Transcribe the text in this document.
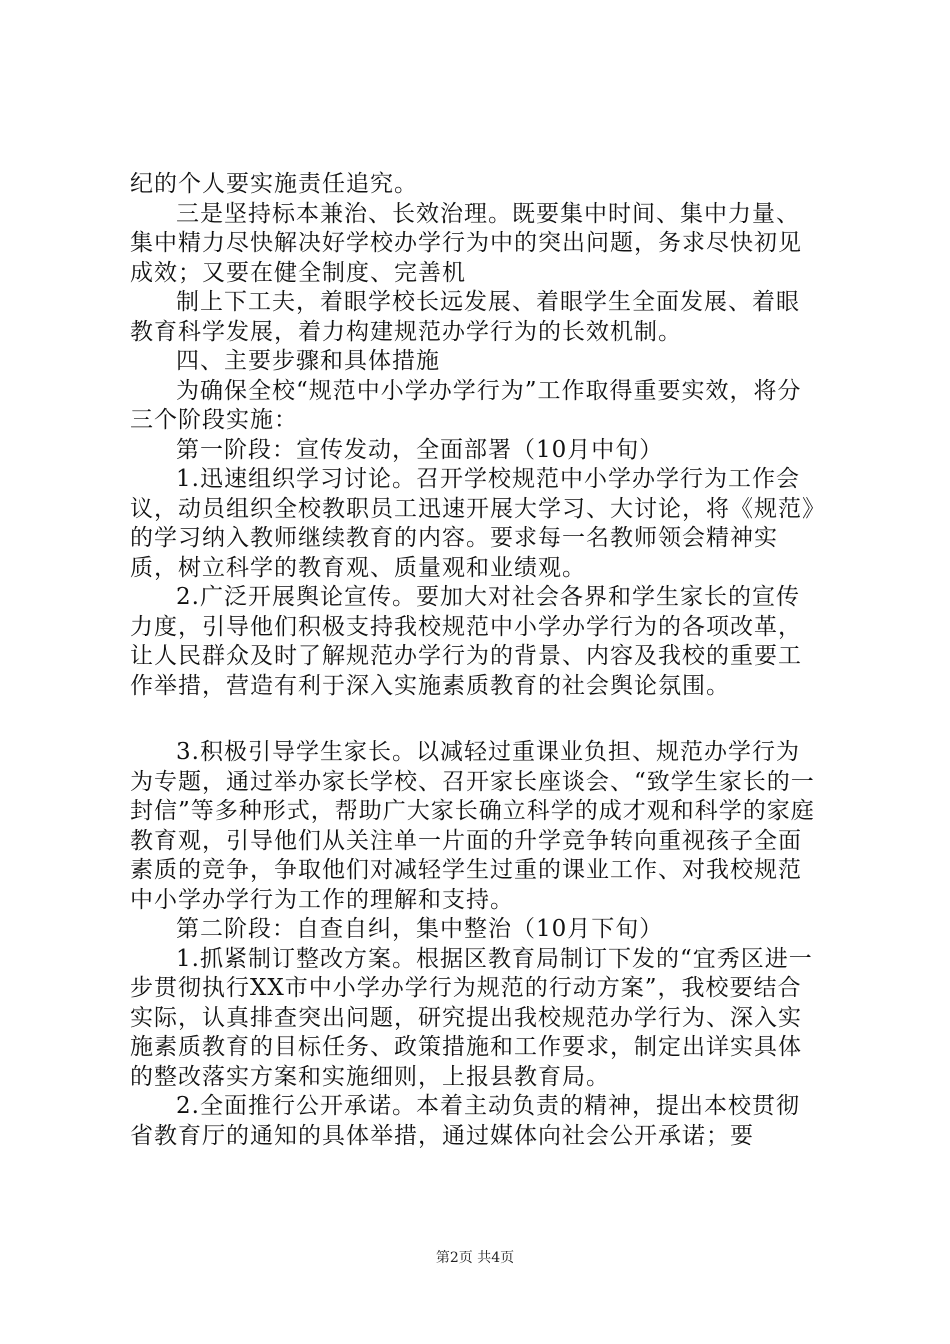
纪的个人要实施责任追究。

三是坚持标本兼治、长效治理。既要集中时间、集中力量、集中精力尽快解决好学校办学行为中的突出问题，务求尽快初见成效；又要在健全制度、完善机

制上下工夫，着眼学校长远发展、着眼学生全面发展、着眼教育科学发展，着力构建规范办学行为的长效机制。

四、主要步骤和具体措施

为确保全校“规范中小学办学行为”工作取得重要实效，将分三个阶段实施：

第一阶段：宣传发动，全面部署（10月中旬）

1.迅速组织学习讨论。召开学校规范中小学办学行为工作会议，动员组织全校教职员工迅速开展大学习、大讨论，将《规范》的学习纳入教师继续教育的内容。要求每一名教师领会精神实质，树立科学的教育观、质量观和业绩观。

2.广泛开展舆论宣传。要加大对社会各界和学生家长的宣传力度，引导他们积极支持我校规范中小学办学行为的各项改革，让人民群众及时了解规范办学行为的背景、内容及我校的重要工作举措，营造有利于深入实施素质教育的社会舆论氛围。

3.积极引导学生家长。以减轻过重课业负担、规范办学行为为专题，通过举办家长学校、召开家长座谈会、“致学生家长的一封信”等多种形式，帮助广大家长确立科学的成才观和科学的家庭教育观，引导他们从关注单一片面的升学竞争转向重视孩子全面素质的竞争，争取他们对减轻学生过重的课业工作、对我校规范中小学办学行为工作的理解和支持。

第二阶段：自查自纠，集中整治（10月下旬）

1.抓紧制订整改方案。根据区教育局制订下发的“宜秀区进一步贯彻执行XX市中小学办学行为规范的行动方案”，我校要结合实际，认真排查突出问题，研究提出我校规范办学行为、深入实施素质教育的目标任务、政策措施和工作要求，制定出详实具体的整改落实方案和实施细则，上报县教育局。

2.全面推行公开承诺。本着主动负责的精神，提出本校贯彻省教育厅的通知的具体举措，通过媒体向社会公开承诺；要

第2页 共4页
